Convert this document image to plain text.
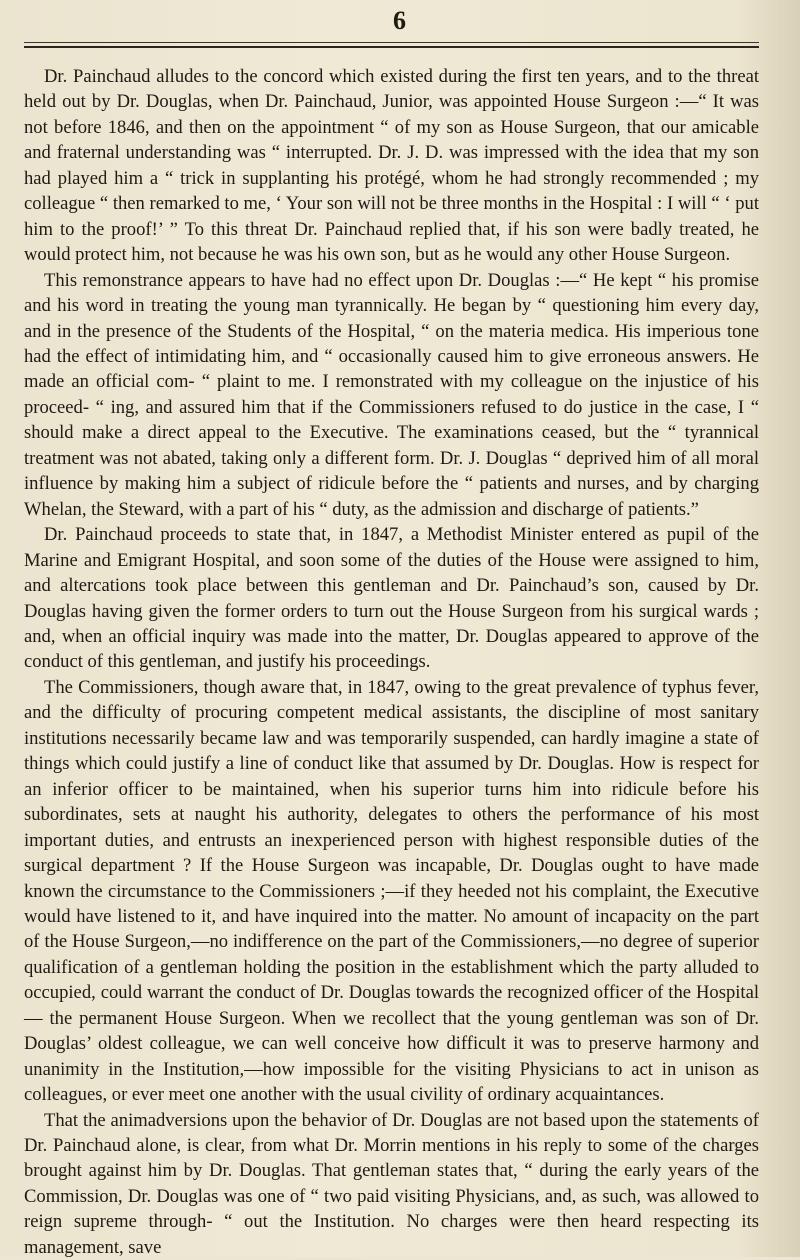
6

Dr. Painchaud alludes to the concord which existed during the first ten years, and to the threat held out by Dr. Douglas, when Dr. Painchaud, Junior, was appointed House Surgeon :—“ It was not before 1846, and then on the appointment “ of my son as House Surgeon, that our amicable and fraternal understanding was “ interrupted. Dr. J. D. was impressed with the idea that my son had played him a “ trick in supplanting his protégé, whom he had strongly recommended ; my colleague “ then remarked to me, ‘ Your son will not be three months in the Hospital : I will “ ‘ put him to the proof!’ ” To this threat Dr. Painchaud replied that, if his son were badly treated, he would protect him, not because he was his own son, but as he would any other House Surgeon.

This remonstrance appears to have had no effect upon Dr. Douglas :—“ He kept “ his promise and his word in treating the young man tyrannically. He began by “ questioning him every day, and in the presence of the Students of the Hospital, “ on the materia medica. His imperious tone had the effect of intimidating him, and “ occasionally caused him to give erroneous answers. He made an official com- “ plaint to me. I remonstrated with my colleague on the injustice of his proceed- “ ing, and assured him that if the Commissioners refused to do justice in the case, I “ should make a direct appeal to the Executive. The examinations ceased, but the “ tyrannical treatment was not abated, taking only a different form. Dr. J. Douglas “ deprived him of all moral influence by making him a subject of ridicule before the “ patients and nurses, and by charging Whelan, the Steward, with a part of his “ duty, as the admission and discharge of patients.”

Dr. Painchaud proceeds to state that, in 1847, a Methodist Minister entered as pupil of the Marine and Emigrant Hospital, and soon some of the duties of the House were assigned to him, and altercations took place between this gentleman and Dr. Painchaud’s son, caused by Dr. Douglas having given the former orders to turn out the House Surgeon from his surgical wards ; and, when an official inquiry was made into the matter, Dr. Douglas appeared to approve of the conduct of this gentleman, and justify his proceedings.

The Commissioners, though aware that, in 1847, owing to the great prevalence of typhus fever, and the difficulty of procuring competent medical assistants, the discipline of most sanitary institutions necessarily became law and was temporarily suspended, can hardly imagine a state of things which could justify a line of conduct like that assumed by Dr. Douglas. How is respect for an inferior officer to be maintained, when his superior turns him into ridicule before his subordinates, sets at naught his authority, delegates to others the performance of his most important duties, and entrusts an inexperienced person with highest responsible duties of the surgical department ? If the House Surgeon was incapable, Dr. Douglas ought to have made known the circumstance to the Commissioners ;—if they heeded not his complaint, the Executive would have listened to it, and have inquired into the matter. No amount of incapacity on the part of the House Surgeon,—no indifference on the part of the Commissioners,—no degree of superior qualification of a gentleman holding the position in the establishment which the party alluded to occupied, could warrant the conduct of Dr. Douglas towards the recognized officer of the Hospital— the permanent House Surgeon. When we recollect that the young gentleman was son of Dr. Douglas’ oldest colleague, we can well conceive how difficult it was to preserve harmony and unanimity in the Institution,—how impossible for the visiting Physicians to act in unison as colleagues, or ever meet one another with the usual civility of ordinary acquaintances.

That the animadversions upon the behavior of Dr. Douglas are not based upon the statements of Dr. Painchaud alone, is clear, from what Dr. Morrin mentions in his reply to some of the charges brought against him by Dr. Douglas. That gentleman states that, “ during the early years of the Commission, Dr. Douglas was one of “ two paid visiting Physicians, and, as such, was allowed to reign supreme through- “ out the Institution. No charges were then heard respecting its management, save
